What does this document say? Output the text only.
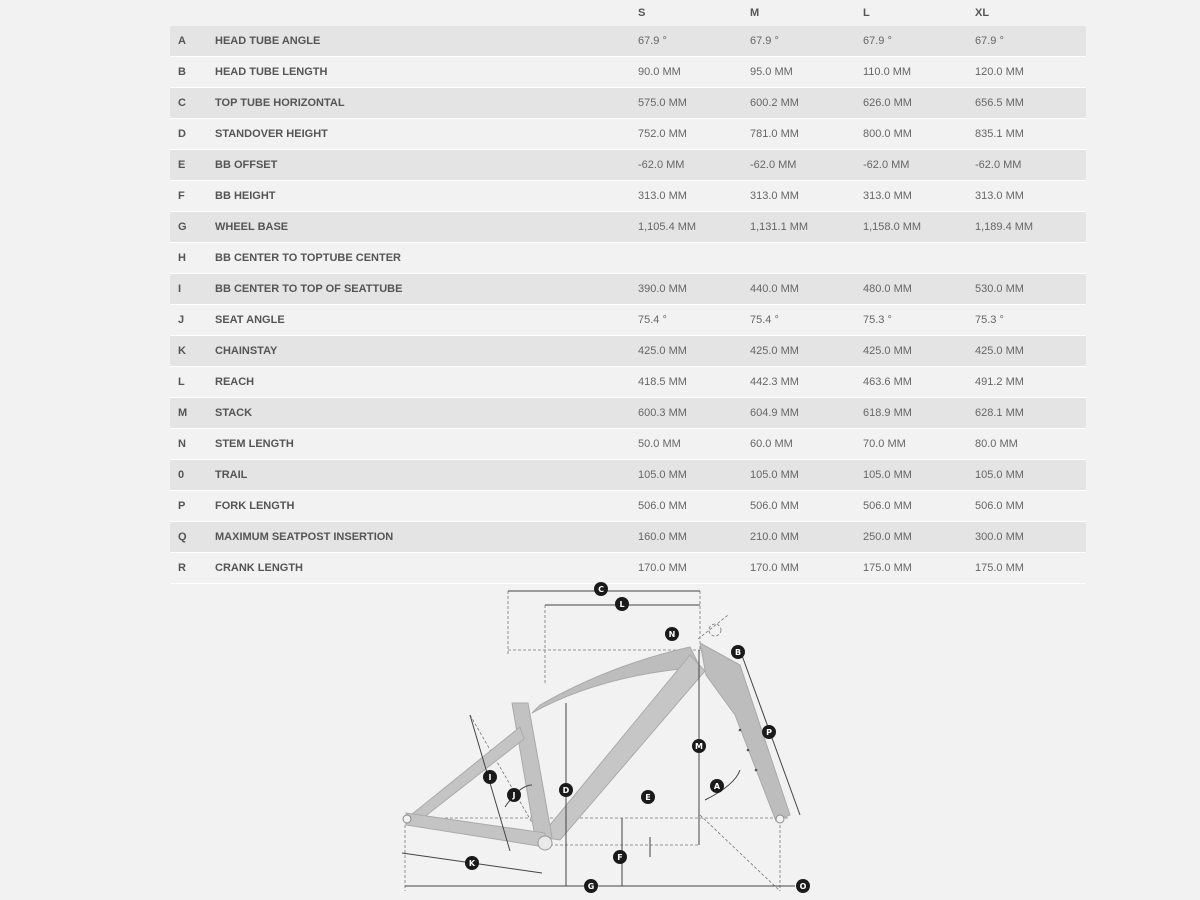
		S	M	L	XL
A	HEAD TUBE ANGLE	67.9 °	67.9 °	67.9 °	67.9 °
B	HEAD TUBE LENGTH	90.0 MM	95.0 MM	110.0 MM	120.0 MM
C	TOP TUBE HORIZONTAL	575.0 MM	600.2 MM	626.0 MM	656.5 MM
D	STANDOVER HEIGHT	752.0 MM	781.0 MM	800.0 MM	835.1 MM
E	BB OFFSET	-62.0 MM	-62.0 MM	-62.0 MM	-62.0 MM
F	BB HEIGHT	313.0 MM	313.0 MM	313.0 MM	313.0 MM
G	WHEEL BASE	1,105.4 MM	1,131.1 MM	1,158.0 MM	1,189.4 MM
H	BB CENTER TO TOPTUBE CENTER				
I	BB CENTER TO TOP OF SEATTUBE	390.0 MM	440.0 MM	480.0 MM	530.0 MM
J	SEAT ANGLE	75.4 °	75.4 °	75.3 °	75.3 °
K	CHAINSTAY	425.0 MM	425.0 MM	425.0 MM	425.0 MM
L	REACH	418.5 MM	442.3 MM	463.6 MM	491.2 MM
M	STACK	600.3 MM	604.9 MM	618.9 MM	628.1 MM
N	STEM LENGTH	50.0 MM	60.0 MM	70.0 MM	80.0 MM
0	TRAIL	105.0 MM	105.0 MM	105.0 MM	105.0 MM
P	FORK LENGTH	506.0 MM	506.0 MM	506.0 MM	506.0 MM
Q	MAXIMUM SEATPOST INSERTION	160.0 MM	210.0 MM	250.0 MM	300.0 MM
R	CRANK LENGTH	170.0 MM	170.0 MM	175.0 MM	175.0 MM
C
L
N
B
P
M
A
E
D
I
J
K
F
G	O
